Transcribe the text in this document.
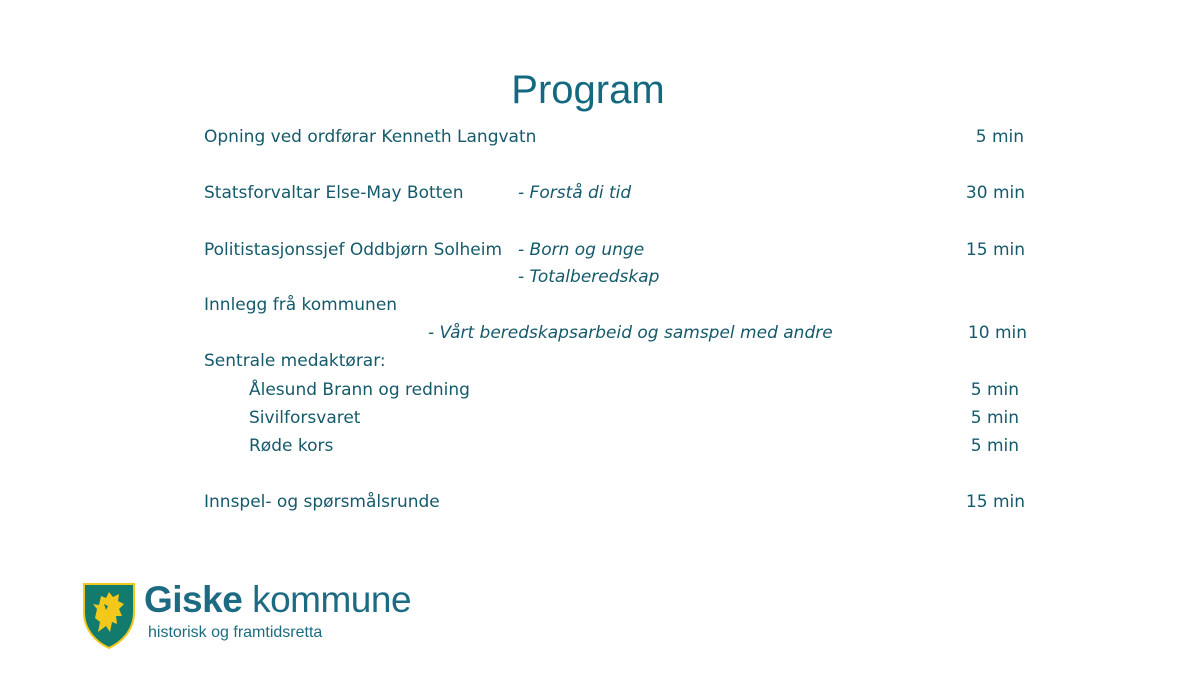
Program
Opning ved ordførar Kenneth Langvatn	5 min
Statsforvaltar Else-May Botten	- Forstå di tid	30 min
Politistasjonssjef Oddbjørn Solheim - Born og unge	15 min
- Totalberedskap
Innlegg frå kommunen
- Vårt beredskapsarbeid og samspel med andre	10 min
Sentrale medaktørar:
Ålesund Brann og redning	5 min
Sivilforsvaret	5 min
Røde kors	5 min
Innspel- og spørsmålsrunde	15 min
Giske kommune
historisk og framtidsretta
